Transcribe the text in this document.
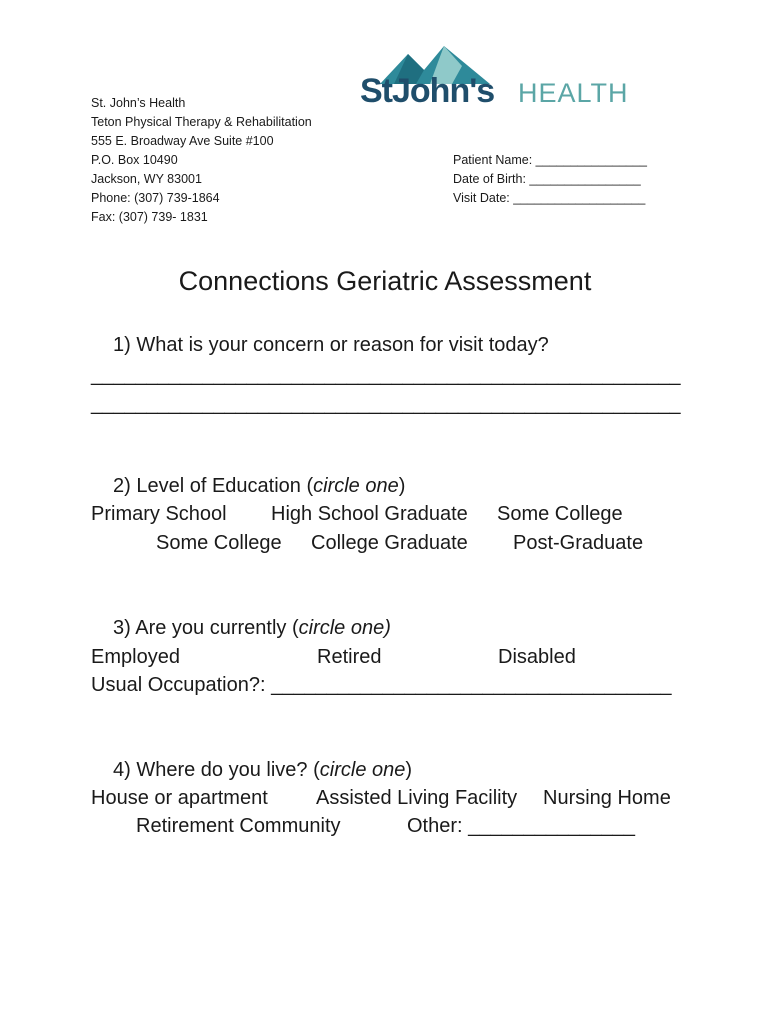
St. John’s Health
Teton Physical Therapy & Rehabilitation
555 E. Broadway Ave Suite #100
P.O. Box 10490
Jackson, WY 83001
Phone: (307) 739-1864
Fax: (307) 739- 1831
StJohn's HEALTH
Patient Name: ________________
Date of Birth: ________________
Visit Date: ___________________
Connections Geriatric Assessment
1) What is your concern or reason for visit today?
_____________________________________________________
_____________________________________________________
2) Level of Education (circle one)
Primary School High School Graduate Some College
Some College College Graduate Post-Graduate
3) Are you currently (circle one)
Employed	Retired	Disabled
Usual Occupation?: ____________________________________
4) Where do you live? (circle one)
House or apartment Assisted Living Facility Nursing Home
Retirement Community	Other: _______________
